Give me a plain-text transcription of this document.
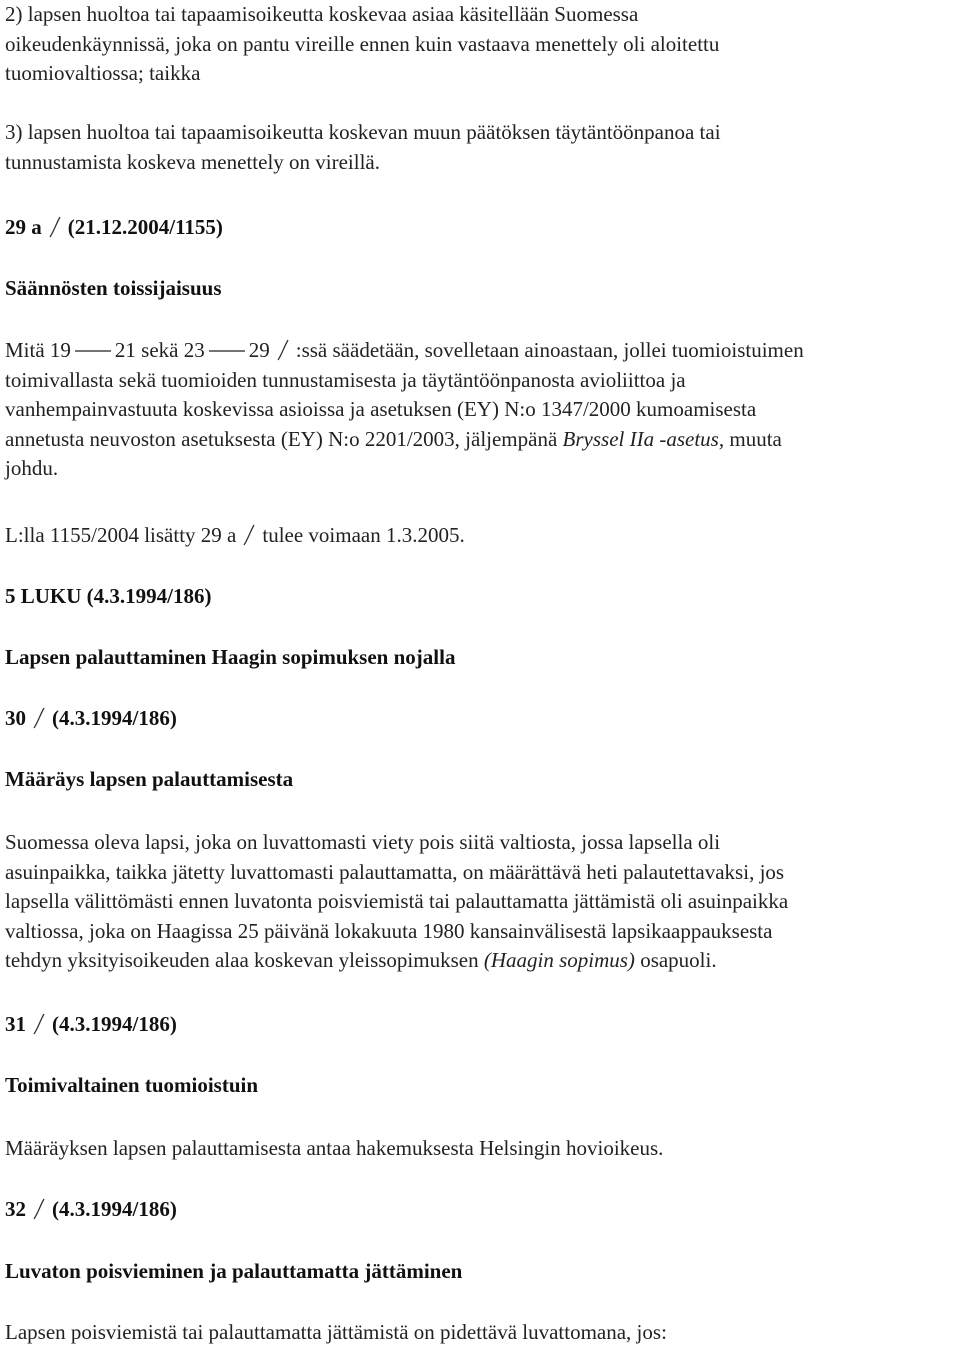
2) lapsen huoltoa tai tapaamisoikeutta koskevaa asiaa käsitellään Suomessa
oikeudenkäynnissä, joka on pantu vireille ennen kuin vastaava menettely oli aloitettu
tuomiovaltiossa; taikka
3) lapsen huoltoa tai tapaamisoikeutta koskevan muun päätöksen täytäntöönpanoa tai
tunnustamista koskeva menettely on vireillä.
29 a (21.12.2004/1155)
Säännösten toissijaisuus
Mitä 19 21 sekä 23 29 :ssä säädetään, sovelletaan ainoastaan, jollei tuomioistuimen
toimivallasta sekä tuomioiden tunnustamisesta ja täytäntöönpanosta avioliittoa ja
vanhempainvastuuta koskevissa asioissa ja asetuksen (EY) N:o 1347/2000 kumoamisesta
annetusta neuvoston asetuksesta (EY) N:o 2201/2003, jäljempänä Bryssel IIa -asetus, muuta
johdu.
L:lla 1155/2004 lisätty 29 a tulee voimaan 1.3.2005.
5 LUKU (4.3.1994/186)
Lapsen palauttaminen Haagin sopimuksen nojalla
30 (4.3.1994/186)
Määräys lapsen palauttamisesta
Suomessa oleva lapsi, joka on luvattomasti viety pois siitä valtiosta, jossa lapsella oli
asuinpaikka, taikka jätetty luvattomasti palauttamatta, on määrättävä heti palautettavaksi, jos
lapsella välittömästi ennen luvatonta poisviemistä tai palauttamatta jättämistä oli asuinpaikka
valtiossa, joka on Haagissa 25 päivänä lokakuuta 1980 kansainvälisestä lapsikaappauksesta
tehdyn yksityisoikeuden alaa koskevan yleissopimuksen (Haagin sopimus) osapuoli.
31 (4.3.1994/186)
Toimivaltainen tuomioistuin
Määräyksen lapsen palauttamisesta antaa hakemuksesta Helsingin hovioikeus.
32 (4.3.1994/186)
Luvaton poisvieminen ja palauttamatta jättäminen
Lapsen poisviemistä tai palauttamatta jättämistä on pidettävä luvattomana, jos:
